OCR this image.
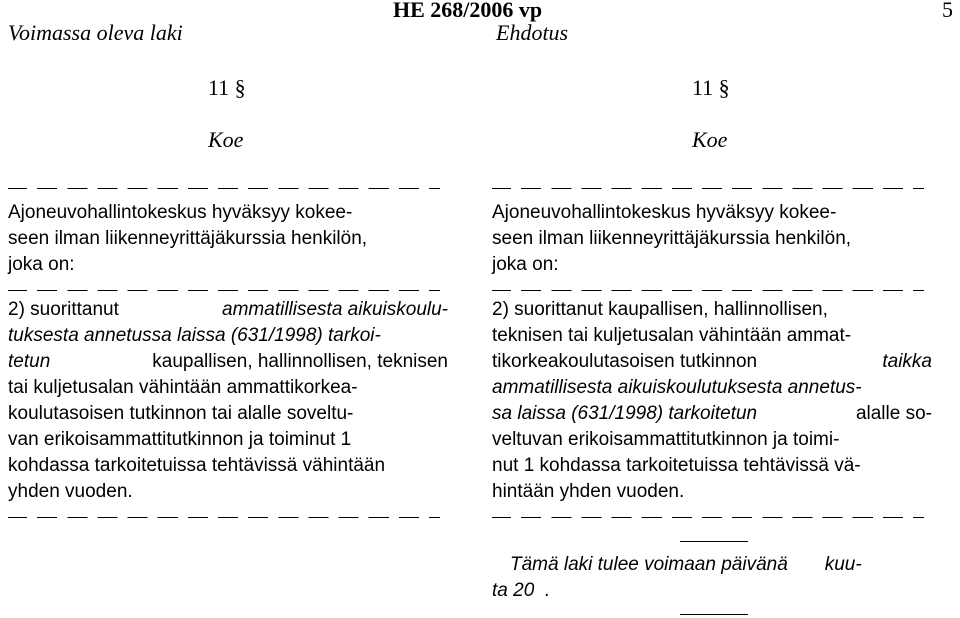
Voimassa oleva laki
HE 268/2006 vp
Ehdotus
5
11 §
Koe
Ajoneuvohallintokeskus hyväksyy kokee-
seen ilman liikenneyrittäjäkurssia henkilön,
joka on:
2) suorittanut	ammatillisesta aikuiskoulu-
tuksesta annetussa laissa (631/1998) tarkoi-
tetun	kaupallisen, hallinnollisen, teknisen
tai kuljetusalan vähintään ammattikorkea-
koulutasoisen tutkinnon tai alalle soveltu-
van erikoisammattitutkinnon ja toiminut 1
kohdassa tarkoitetuissa tehtävissä vähintään
yhden vuoden.
11 §
Koe
Ajoneuvohallintokeskus hyväksyy kokee-
seen ilman liikenneyrittäjäkurssia henkilön,
joka on:
2) suorittanut kaupallisen, hallinnollisen,
teknisen tai kuljetusalan vähintään ammat-
tikorkeakoulutasoisen tutkinnon	taikka
ammatillisesta aikuiskoulutuksesta annetus-
sa laissa (631/1998) tarkoitetun	alalle so-
veltuvan erikoisammattitutkinnon ja toimi-
nut 1 kohdassa tarkoitetuissa tehtävissä vä-
hintään yhden vuoden.
Tämä laki tulee voimaan päivänä       kuu-
ta 20  .
